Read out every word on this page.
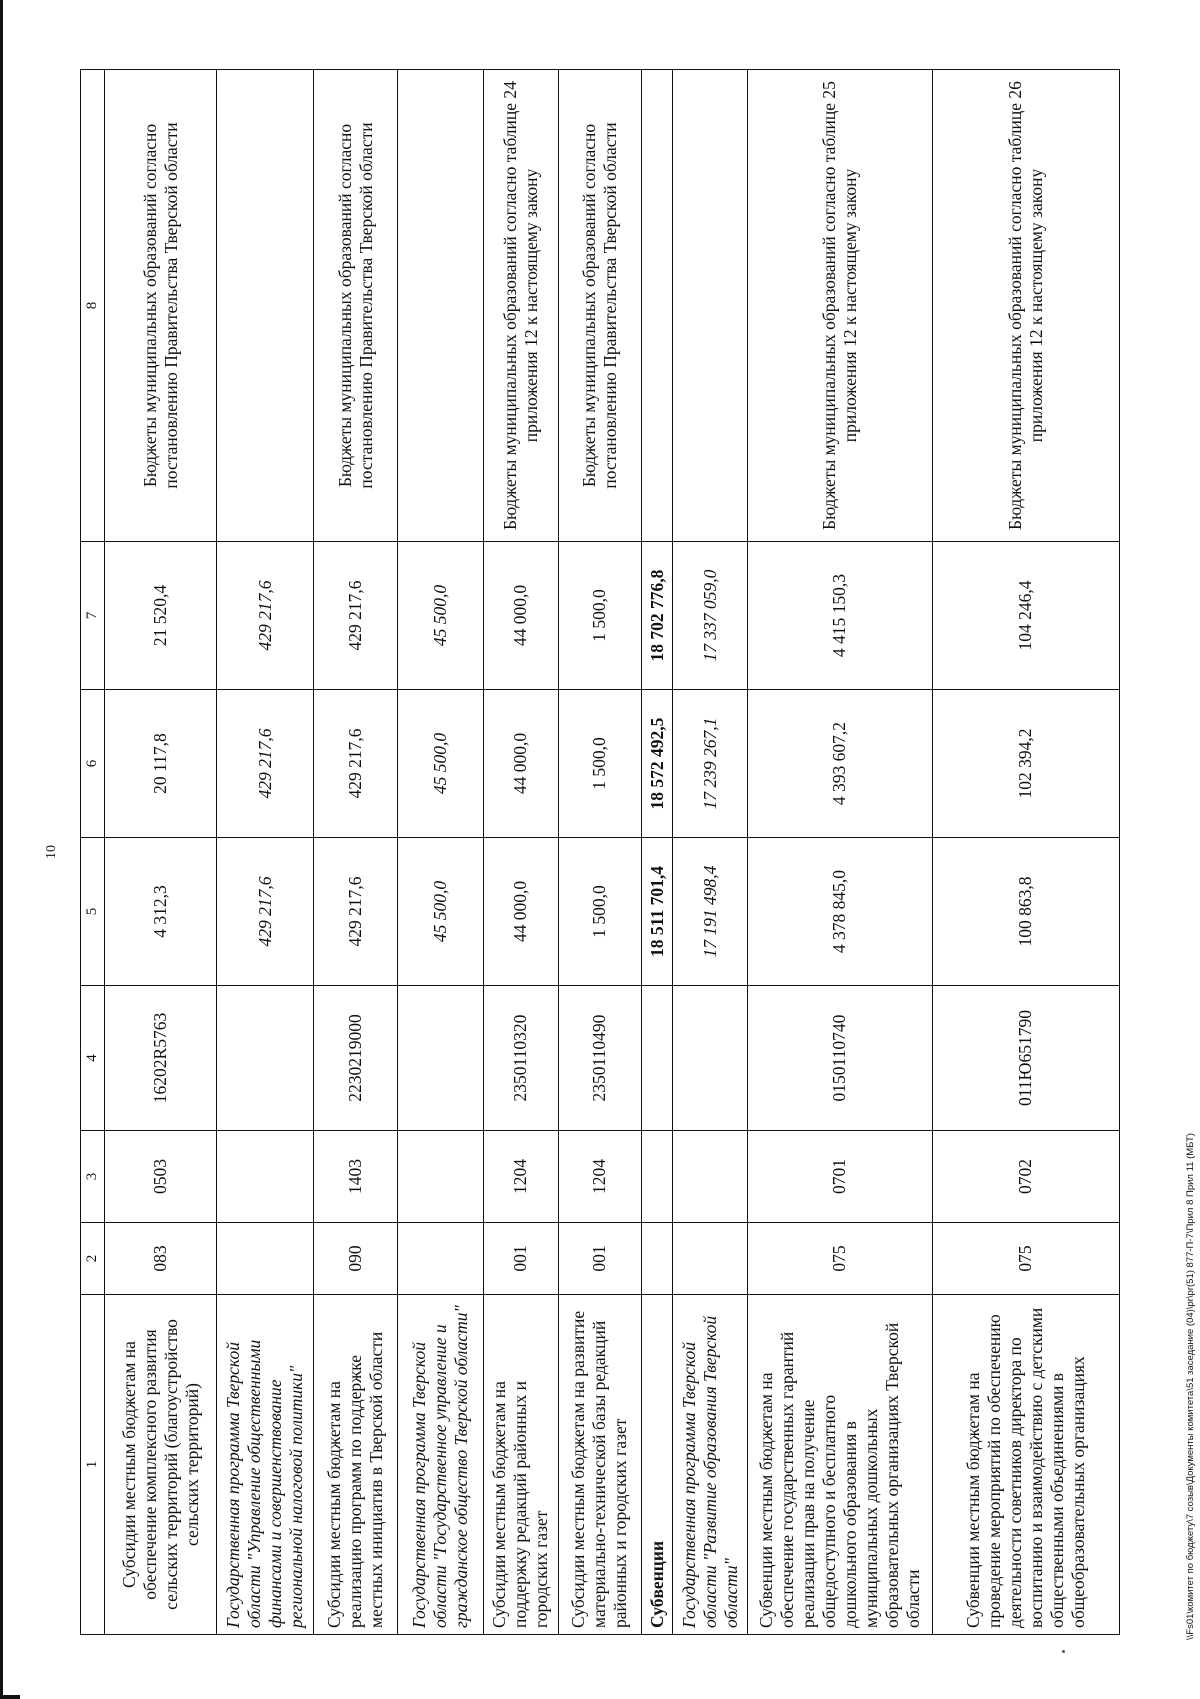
10
1	2	3	4	5	6	7	8
Субсидии местным бюджетам на обеспечение комплексного развития сельских территорий (благоустройство сельских территорий)	083	0503	16202R5763	4 312,3	20 117,8	21 520,4	Бюджеты муниципальных образований согласно постановлению Правительства Тверской области
Государственная программа Тверской области "Управление общественными финансами и совершенствование региональной налоговой политики"				429 217,6	429 217,6	429 217,6	
Субсидии местным бюджетам на реализацию программ по поддержке местных инициатив в Тверской области	090	1403	2230219000	429 217,6	429 217,6	429 217,6	Бюджеты муниципальных образований согласно постановлению Правительства Тверской области
Государственная программа Тверской области "Государственное управление и гражданское общество Тверской области"				45 500,0	45 500,0	45 500,0	
Субсидии местным бюджетам на поддержку редакций районных и городских газет	001	1204	2350110320	44 000,0	44 000,0	44 000,0	Бюджеты муниципальных образований согласно таблице 24 приложения 12 к настоящему закону
Субсидии местным бюджетам на развитие материально-технической базы редакций районных и городских газет	001	1204	2350110490	1 500,0	1 500,0	1 500,0	Бюджеты муниципальных образований согласно постановлению Правительства Тверской области
Субвенции				18 511 701,4	18 572 492,5	18 702 776,8	
Государственная программа Тверской области "Развитие образования Тверской области"				17 191 498,4	17 239 267,1	17 337 059,0	
Субвенции местным бюджетам на обеспечение государственных гарантий реализации прав на получение общедоступного и бесплатного дошкольного образования в муниципальных дошкольных образовательных организациях Тверской области	075	0701	0150110740	4 378 845,0	4 393 607,2	4 415 150,3	Бюджеты муниципальных образований согласно таблице 25 приложения 12 к настоящему закону
Субвенции местным бюджетам на проведение мероприятий по обеспечению деятельности советников директора по воспитанию и взаимодействию с детскими общественными объединениями в общеобразовательных организациях	075	0702	011Ю651790	100 863,8	102 394,2	104 246,4	Бюджеты муниципальных образований согласно таблице 26 приложения 12 к настоящему закону
\\Fs01\комитет по бюджету\7 созыв\Документы комитета\51 заседание (04)\pr\pr(51) 877-П-7\Прил 8 Прил 11 (МБТ)
